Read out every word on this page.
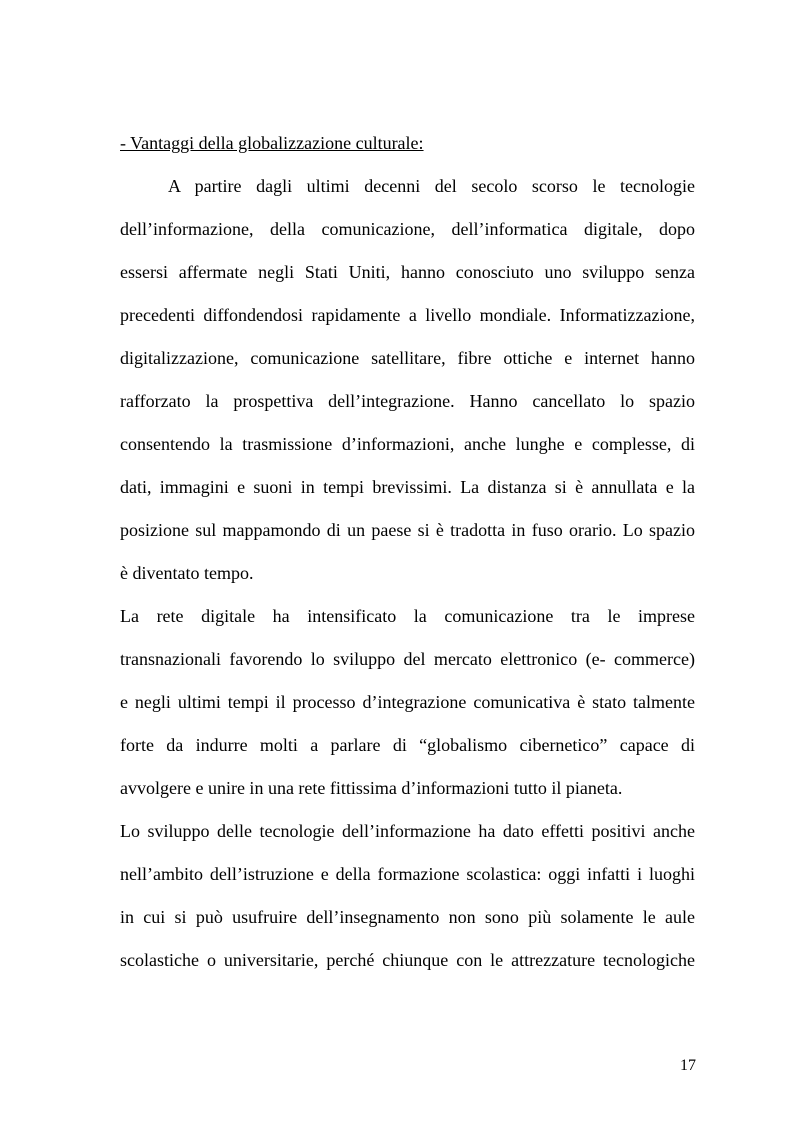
- Vantaggi della globalizzazione culturale:
A partire dagli ultimi decenni del secolo scorso le tecnologie
dell’informazione, della comunicazione, dell’informatica digitale, dopo
essersi affermate negli Stati Uniti, hanno conosciuto uno sviluppo senza
precedenti diffondendosi rapidamente a livello mondiale. Informatizzazione,
digitalizzazione, comunicazione satellitare, fibre ottiche e internet hanno
rafforzato la prospettiva dell’integrazione. Hanno cancellato lo spazio
consentendo la trasmissione d’informazioni, anche lunghe e complesse, di
dati, immagini e suoni in tempi brevissimi. La distanza si è annullata e la
posizione sul mappamondo di un paese si è tradotta in fuso orario. Lo spazio
è diventato tempo.
La rete digitale ha intensificato la comunicazione tra le imprese
transnazionali favorendo lo sviluppo del mercato elettronico (e- commerce)
e negli ultimi tempi il processo d’integrazione comunicativa è stato talmente
forte da indurre molti a parlare di “globalismo cibernetico” capace di
avvolgere e unire in una rete fittissima d’informazioni tutto il pianeta.
Lo sviluppo delle tecnologie dell’informazione ha dato effetti positivi anche
nell’ambito dell’istruzione e della formazione scolastica: oggi infatti i luoghi
in cui si può usufruire dell’insegnamento non sono più solamente le aule
scolastiche o universitarie, perché chiunque con le attrezzature tecnologiche
17
